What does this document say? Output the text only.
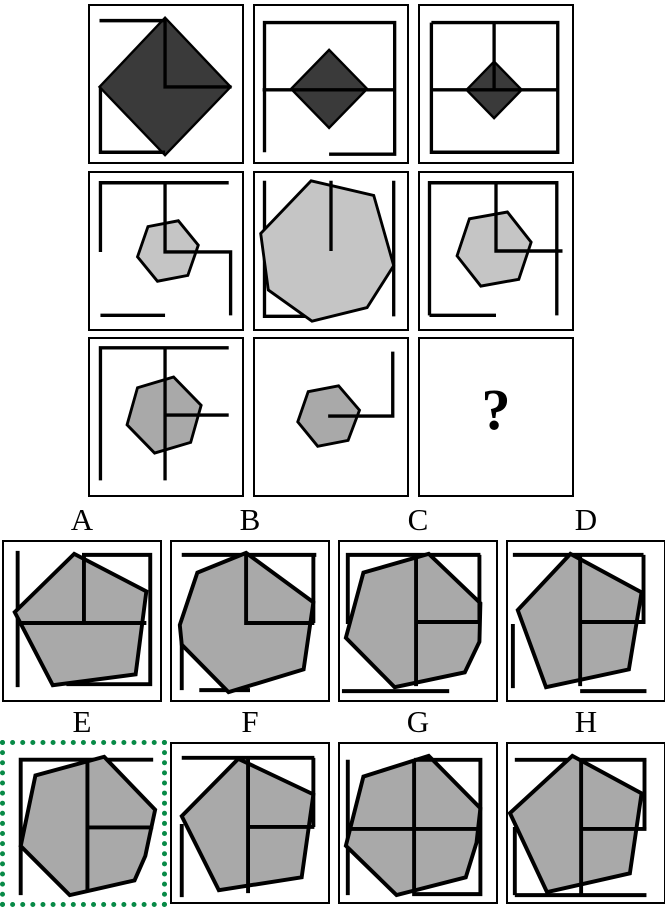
?
A	B	C	D
E	F	G	H
